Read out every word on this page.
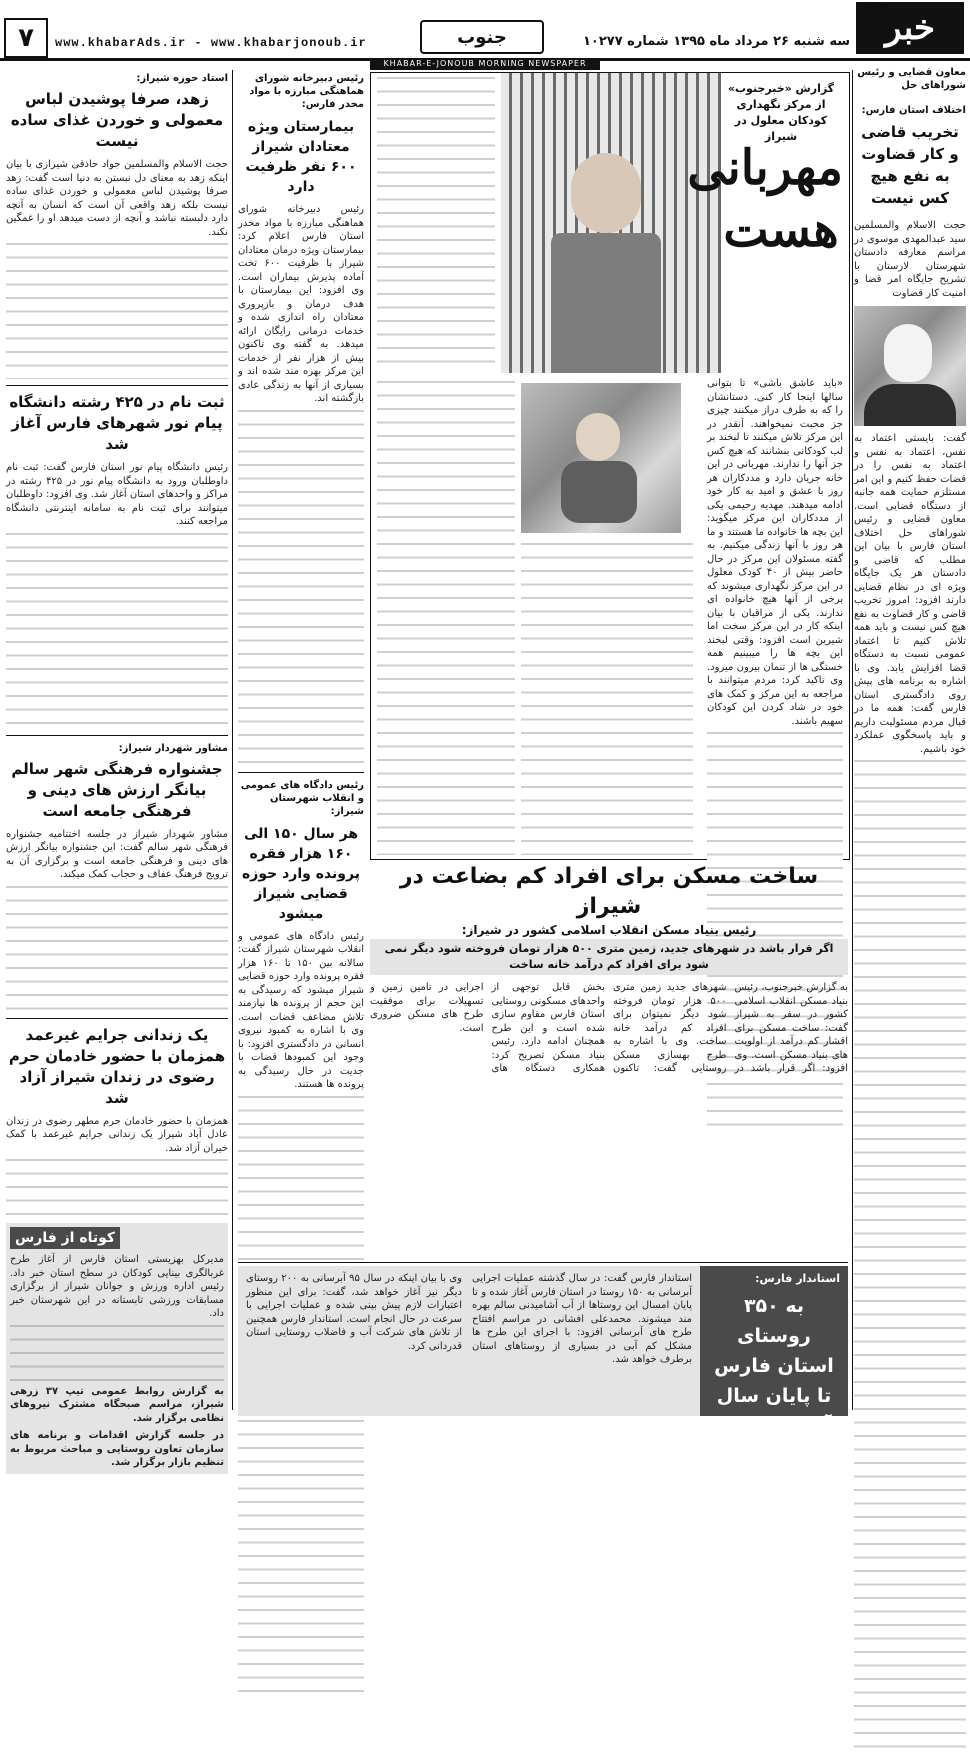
خبر
جنوب
سه شنبه ۲۶ مرداد ماه ۱۳۹۵ شماره ۱۰۲۷۷
جنوب
www.khabarAds.ir - www.khabarjonoub.ir
۷
KHABAR-E-JONOUB MORNING NEWSPAPER
معاون قضایی و رئیس شوراهای حل
اختلاف استان فارس:
تخریب قاضی و کار قضاوت به نفع هیچ کس نیست
حجت الاسلام والمسلمین سید عبدالمهدی موسوی در مراسم معارفه دادستان شهرستان لارستان با تشریح جایگاه امر قضا و امنیت کار قضاوت
گفت: بایستی اعتماد به نفس، اعتماد به نفس و اعتماد به نفس را در قضات حفظ کنیم و این امر مستلزم حمایت همه جانبه از دستگاه قضایی است. معاون قضایی و رئیس شوراهای حل اختلاف استان فارس با بیان این مطلب که قاضی و دادستان هر یک جایگاه ویژه ای در نظام قضایی دارند افزود: امروز تخریب قاضی و کار قضاوت به نفع هیچ کس نیست و باید همه تلاش کنیم تا اعتماد عمومی نسبت به دستگاه قضا افزایش یابد. وی با اشاره به برنامه های پیش روی دادگستری استان فارس گفت: همه ما در قبال مردم مسئولیت داریم و باید پاسخگوی عملکرد خود باشیم.
گزارش «خبرجنوب» از مرکز نگهداری کودکان معلول در شیراز
مهربانی
هست
«باید عاشق باشی» تا بتوانی سالها اینجا کار کنی. دستانشان را که به طرف دراز میکنند چیزی جز محبت نمیخواهند. آنقدر در این مرکز تلاش میکنند تا لبخند بر لب کودکانی بنشانند که هیچ کس جز آنها را ندارند. مهربانی در این خانه جریان دارد و مددکاران هر روز با عشق و امید به کار خود ادامه میدهند. مهدیه رحیمی یکی از مددکاران این مرکز میگوید: این بچه ها خانواده ما هستند و ما هر روز با آنها زندگی میکنیم. به گفته مسئولان این مرکز در حال حاضر بیش از ۴۰ کودک معلول در این مرکز نگهداری میشوند که برخی از آنها هیچ خانواده ای ندارند. یکی از مراقبان با بیان اینکه کار در این مرکز سخت اما شیرین است افزود: وقتی لبخند این بچه ها را میبینیم همه خستگی ها از تنمان بیرون میرود. وی تاکید کرد: مردم میتوانند با مراجعه به این مرکز و کمک های خود در شاد کردن این کودکان سهیم باشند.
رئیس دبیرخانه شورای هماهنگی مبارزه با مواد مخدر فارس:
بیمارستان ویژه معتادان شیراز ۶۰۰ نفر ظرفیت دارد
رئیس دبیرخانه شورای هماهنگی مبارزه با مواد مخدر استان فارس اعلام کرد: بیمارستان ویژه درمان معتادان شیراز با ظرفیت ۶۰۰ تخت آماده پذیرش بیماران است. وی افزود: این بیمارستان با هدف درمان و بازپروری معتادان راه اندازی شده و خدمات درمانی رایگان ارائه میدهد. به گفته وی تاکنون بیش از هزار نفر از خدمات این مرکز بهره مند شده اند و بسیاری از آنها به زندگی عادی بازگشته اند.
رئیس دادگاه های عمومی و انقلاب شهرستان شیراز:
هر سال ۱۵۰ الی ۱۶۰ هزار فقره پرونده وارد حوزه قضایی شیراز میشود
رئیس دادگاه های عمومی و انقلاب شهرستان شیراز گفت: سالانه بین ۱۵۰ تا ۱۶۰ هزار فقره پرونده وارد حوزه قضایی شیراز میشود که رسیدگی به این حجم از پرونده ها نیازمند تلاش مضاعف قضات است. وی با اشاره به کمبود نیروی انسانی در دادگستری افزود: با وجود این کمبودها قضات با جدیت در حال رسیدگی به پرونده ها هستند.
استاد حوزه شیراز:
زهد، صرفا پوشیدن لباس معمولی و خوردن غذای ساده نیست
حجت الاسلام والمسلمین جواد حاذقی شیرازی با بیان اینکه زهد به معنای دل نبستن به دنیا است گفت: زهد صرفا پوشیدن لباس معمولی و خوردن غذای ساده نیست بلکه زهد واقعی آن است که انسان به آنچه دارد دلبسته نباشد و آنچه از دست میدهد او را غمگین نکند.
ثبت نام در ۴۲۵ رشته دانشگاه پیام نور شهرهای فارس آغاز شد
رئیس دانشگاه پیام نور استان فارس گفت: ثبت نام داوطلبان ورود به دانشگاه پیام نور در ۴۲۵ رشته در مراکز و واحدهای استان آغاز شد. وی افزود: داوطلبان میتوانند برای ثبت نام به سامانه اینترنتی دانشگاه مراجعه کنند.
مشاور شهردار شیراز:
جشنواره فرهنگی شهر سالم بیانگر ارزش های دینی و فرهنگی جامعه است
مشاور شهردار شیراز در جلسه اختتامیه جشنواره فرهنگی شهر سالم گفت: این جشنواره بیانگر ارزش های دینی و فرهنگی جامعه است و برگزاری آن به ترویج فرهنگ عفاف و حجاب کمک میکند.
یک زندانی جرایم غیرعمد همزمان با حضور خادمان حرم رضوی در زندان شیراز آزاد شد
همزمان با حضور خادمان حرم مطهر رضوی در زندان عادل آباد شیراز یک زندانی جرایم غیرعمد با کمک خیران آزاد شد.
کوتاه از فارس
مدیرکل بهزیستی استان فارس از آغاز طرح غربالگری بینایی کودکان در سطح استان خبر داد. رئیس اداره ورزش و جوانان شیراز از برگزاری مسابقات ورزشی تابستانه در این شهرستان خبر داد.
به گزارش روابط عمومی تیپ ۳۷ زرهی شیراز، مراسم صبحگاه مشترک نیروهای نظامی برگزار شد.
در جلسه گزارش اقدامات و برنامه های سازمان تعاون روستایی و مباحث مربوط به تنظیم بازار برگزار شد.
ساخت مسکن برای افراد کم بضاعت در شیراز
رئیس بنیاد مسکن انقلاب اسلامی کشور در شیراز:
اگر قرار باشد در شهرهای جدید، زمین متری ۵۰۰ هزار تومان فروخته شود دیگر نمی شود برای افراد کم درآمد خانه ساخت
به گزارش خبرجنوب، رئیس بنیاد مسکن انقلاب اسلامی کشور در سفر به شیراز گفت: ساخت مسکن برای اقشار کم درآمد از اولویت های بنیاد مسکن است. وی افزود: اگر قرار باشد در شهرهای جدید زمین متری ۵۰۰ هزار تومان فروخته شود دیگر نمیتوان برای افراد کم درآمد خانه ساخت. وی با اشاره به طرح بهسازی مسکن روستایی گفت: تاکنون بخش قابل توجهی از واحدهای مسکونی روستایی استان فارس مقاوم سازی شده است و این طرح همچنان ادامه دارد. رئیس بنیاد مسکن تصریح کرد: همکاری دستگاه های اجرایی در تامین زمین و تسهیلات برای موفقیت طرح های مسکن ضروری است.
استاندار فارس:
به ۳۵۰ روستای استان فارس تا پایان سال آبرسانی می شود
استاندار فارس گفت: در سال گذشته عملیات اجرایی آبرسانی به ۱۵۰ روستا در استان فارس آغاز شده و تا پایان امسال این روستاها از آب آشامیدنی سالم بهره مند میشوند. محمدعلی افشانی در مراسم افتتاح طرح های آبرسانی افزود: با اجرای این طرح ها مشکل کم آبی در بسیاری از روستاهای استان برطرف خواهد شد.
وی با بیان اینکه در سال ۹۵ آبرسانی به ۲۰۰ روستای دیگر نیز آغاز خواهد شد، گفت: برای این منظور اعتبارات لازم پیش بینی شده و عملیات اجرایی با سرعت در حال انجام است. استاندار فارس همچنین از تلاش های شرکت آب و فاضلاب روستایی استان قدردانی کرد.
